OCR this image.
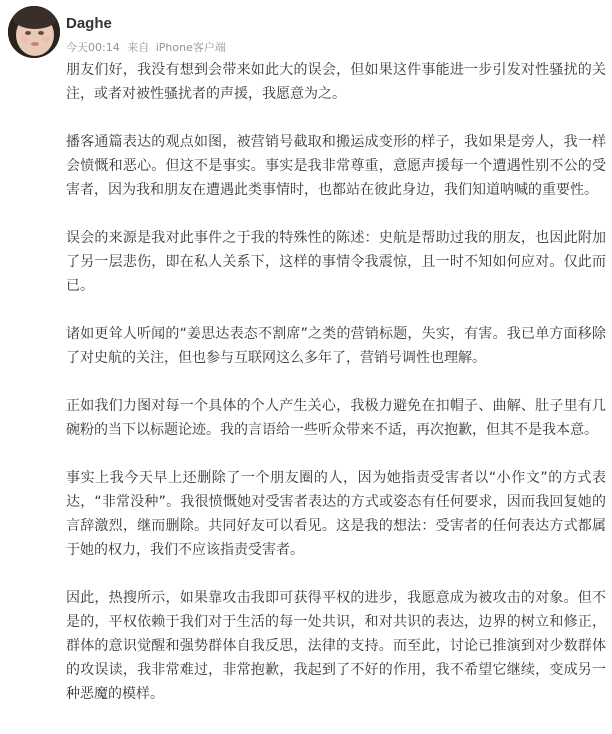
Daghe
今天00:14 来自 iPhone客户端

朋友们好，我没有想到会带来如此大的误会，但如果这件事能进一步引发对性骚扰的关注，或者对被性骚扰者的声援，我愿意为之。

播客通篇表达的观点如图，被营销号截取和搬运成变形的样子，我如果是旁人，我一样会愤慨和恶心。但这不是事实。事实是我非常尊重，意愿声援每一个遭遇性别不公的受害者，因为我和朋友在遭遇此类事情时，也都站在彼此身边，我们知道呐喊的重要性。

误会的来源是我对此事件之于我的特殊性的陈述：史航是帮助过我的朋友，也因此附加了另一层悲伤，即在私人关系下，这样的事情令我震惊，且一时不知如何应对。仅此而已。

诸如更耸人听闻的“姜思达表态不割席”之类的营销标题，失实，有害。我已单方面移除了对史航的关注，但也参与互联网这么多年了，营销号调性也理解。

正如我们力图对每一个具体的个人产生关心，我极力避免在扣帽子、曲解、肚子里有几碗粉的当下以标题论迹。我的言语给一些听众带来不适，再次抱歉，但其不是我本意。

事实上我今天早上还删除了一个朋友圈的人，因为她指责受害者以“小作文”的方式表达，“非常没种”。我很愤慨她对受害者表达的方式或姿态有任何要求，因而我回复她的言辞激烈，继而删除。共同好友可以看见。这是我的想法：受害者的任何表达方式都属于她的权力，我们不应该指责受害者。

因此，热搜所示，如果靠攻击我即可获得平权的进步，我愿意成为被攻击的对象。但不是的，平权依赖于我们对于生活的每一处共识，和对共识的表达，边界的树立和修正，群体的意识觉醒和强势群体自我反思，法律的支持。而至此，讨论已推演到对少数群体的攻误读，我非常难过，非常抱歉，我起到了不好的作用，我不希望它继续，变成另一种恶魔的模样。
